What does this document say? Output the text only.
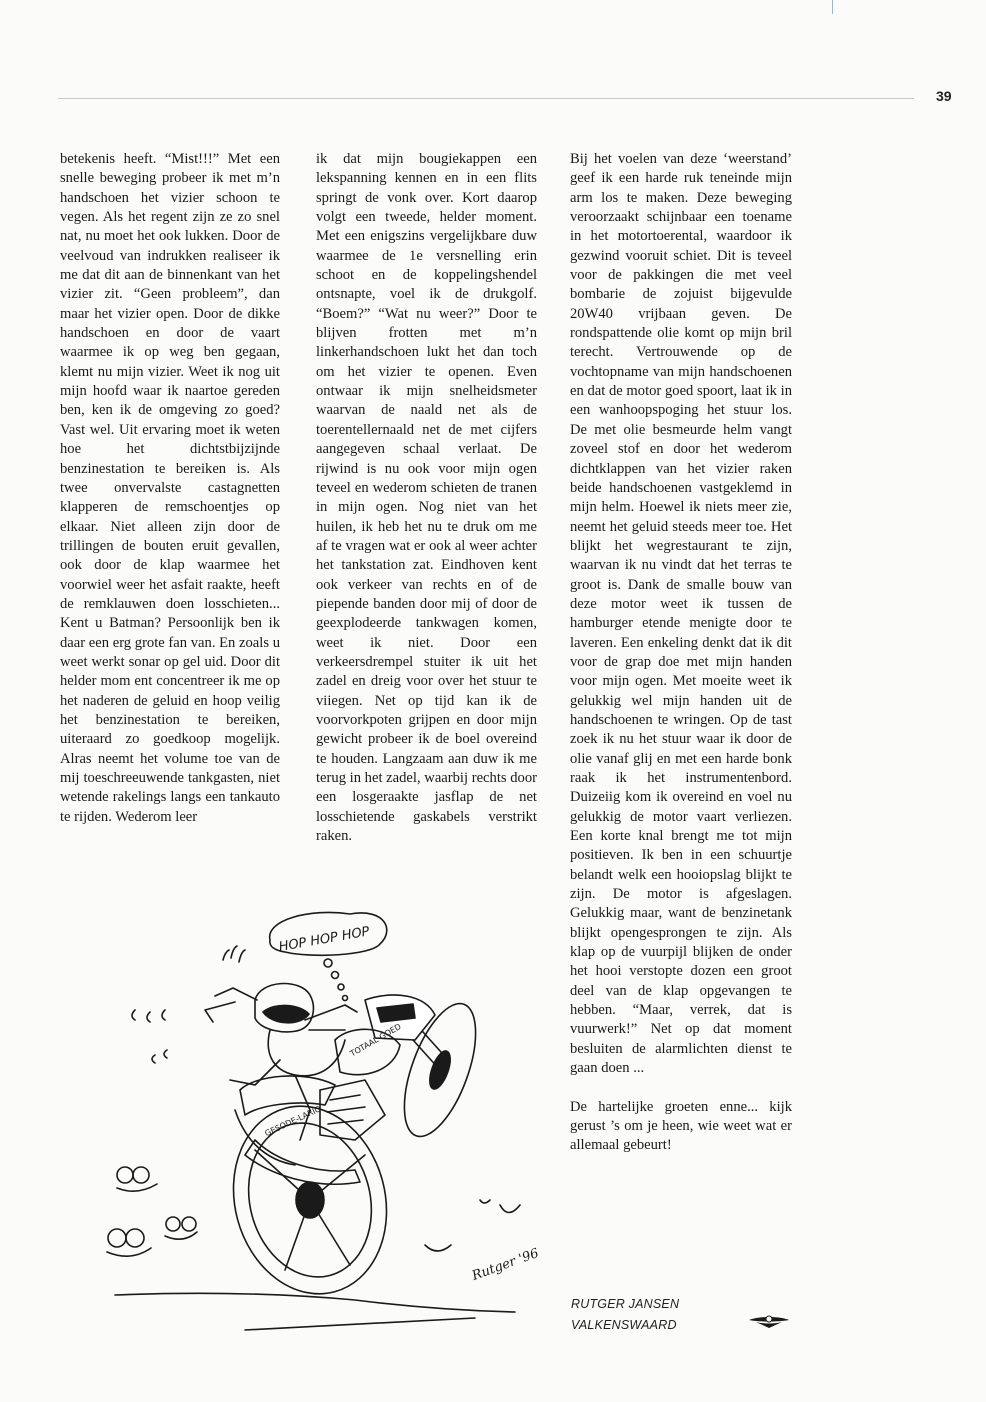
39

betekenis heeft. “Mist!!!” Met een snelle beweging probeer ik met m’n handschoen het vizier schoon te vegen. Als het regent zijn ze zo snel nat, nu moet het ook lukken. Door de veelvoud van indrukken realiseer ik me dat dit aan de binnenkant van het vizier zit. “Geen probleem”, dan maar het vizier open. Door de dikke handschoen en door de vaart waarmee ik op weg ben gegaan, klemt nu mijn vizier. Weet ik nog uit mijn hoofd waar ik naartoe gereden ben, ken ik de omgeving zo goed? Vast wel. Uit ervaring moet ik weten hoe het dichtstbijzijnde benzinestation te bereiken is. Als twee onvervalste castagnetten klapperen de remschoentjes op elkaar. Niet alleen zijn door de trillingen de bouten eruit gevallen, ook door de klap waarmee het voorwiel weer het asfait raakte, heeft de remklauwen doen losschieten... Kent u Batman? Persoonlijk ben ik daar een erg grote fan van. En zoals u weet werkt sonar op gel uid. Door dit helder mom ent concentreer ik me op het naderen de geluid en hoop veilig het benzinestation te bereiken, uiteraard zo goedkoop mogelijk. Alras neemt het volume toe van de mij toeschreeuwende tankgasten, niet wetende rakelings langs een tankauto te rijden. Wederom leer

ik dat mijn bougiekappen een lekspanning kennen en in een flits springt de vonk over. Kort daarop volgt een tweede, helder moment. Met een enigszins vergelijkbare duw waarmee de 1e versnelling erin schoot en de koppelingshendel ontsnapte, voel ik de drukgolf. “Boem?” “Wat nu weer?” Door te blijven frotten met m’n linkerhandschoen lukt het dan toch om het vizier te openen. Even ontwaar ik mijn snelheidsmeter waarvan de naald net als de toerentellernaald net de met cijfers aangegeven schaal verlaat. De rijwind is nu ook voor mijn ogen teveel en wederom schieten de tranen in mijn ogen. Nog niet van het huilen, ik heb het nu te druk om me af te vragen wat er ook al weer achter het tankstation zat. Eindhoven kent ook verkeer van rechts en of de piepende banden door mij of door de geexplodeerde tankwagen komen, weet ik niet. Door een verkeersdrempel stuiter ik uit het zadel en dreig voor over het stuur te viiegen. Net op tijd kan ik de voorvorkpoten grijpen en door mijn gewicht probeer ik de boel overeind te houden. Langzaam aan duw ik me terug in het zadel, waarbij rechts door een losgeraakte jasflap de net losschietende gaskabels verstrikt raken.

Bij het voelen van deze ‘weerstand’ geef ik een harde ruk teneinde mijn arm los te maken. Deze beweging veroorzaakt schijnbaar een toename in het motortoerental, waardoor ik gezwind vooruit schiet. Dit is teveel voor de pakkingen die met veel bombarie de zojuist bijgevulde 20W40 vrijbaan geven. De rondspattende olie komt op mijn bril terecht. Vertrouwende op de vochtopname van mijn handschoenen en dat de motor goed spoort, laat ik in een wanhoopspoging het stuur los. De met olie besmeurde helm vangt zoveel stof en door het wederom dichtklappen van het vizier raken beide handschoenen vastgeklemd in mijn helm. Hoewel ik niets meer zie, neemt het geluid steeds meer toe. Het blijkt het wegrestaurant te zijn, waarvan ik nu vindt dat het terras te groot is. Dank de smalle bouw van deze motor weet ik tussen de hamburger etende menigte door te laveren. Een enkeling denkt dat ik dit voor de grap doe met mijn handen voor mijn ogen. Met moeite weet ik gelukkig wel mijn handen uit de handschoenen te wringen. Op de tast zoek ik nu het stuur waar ik door de olie vanaf glij en met een harde bonk raak ik het instrumentenbord. Duizeiig kom ik overeind en voel nu gelukkig de motor vaart verliezen. Een korte knal brengt me tot mijn positieven. Ik ben in een schuurtje belandt welk een hooiopslag blijkt te zijn. De motor is afgeslagen. Gelukkig maar, want de benzinetank blijkt opengesprongen te zijn. Als klap op de vuurpijl blijken de onder het hooi verstopte dozen een groot deel van de klap opgevangen te hebben. “Maar, verrek, dat is vuurwerk!” Net op dat moment besluiten de alarmlichten dienst te gaan doen ...

De hartelijke groeten enne... kijk gerust ’s om je heen, wie weet wat er allemaal gebeurt!

HOP HOP HOP
TOTAAL GOED
GESODE-LARIO
Rutger '96
RUTGER JANSEN
VALKENSWAARD
